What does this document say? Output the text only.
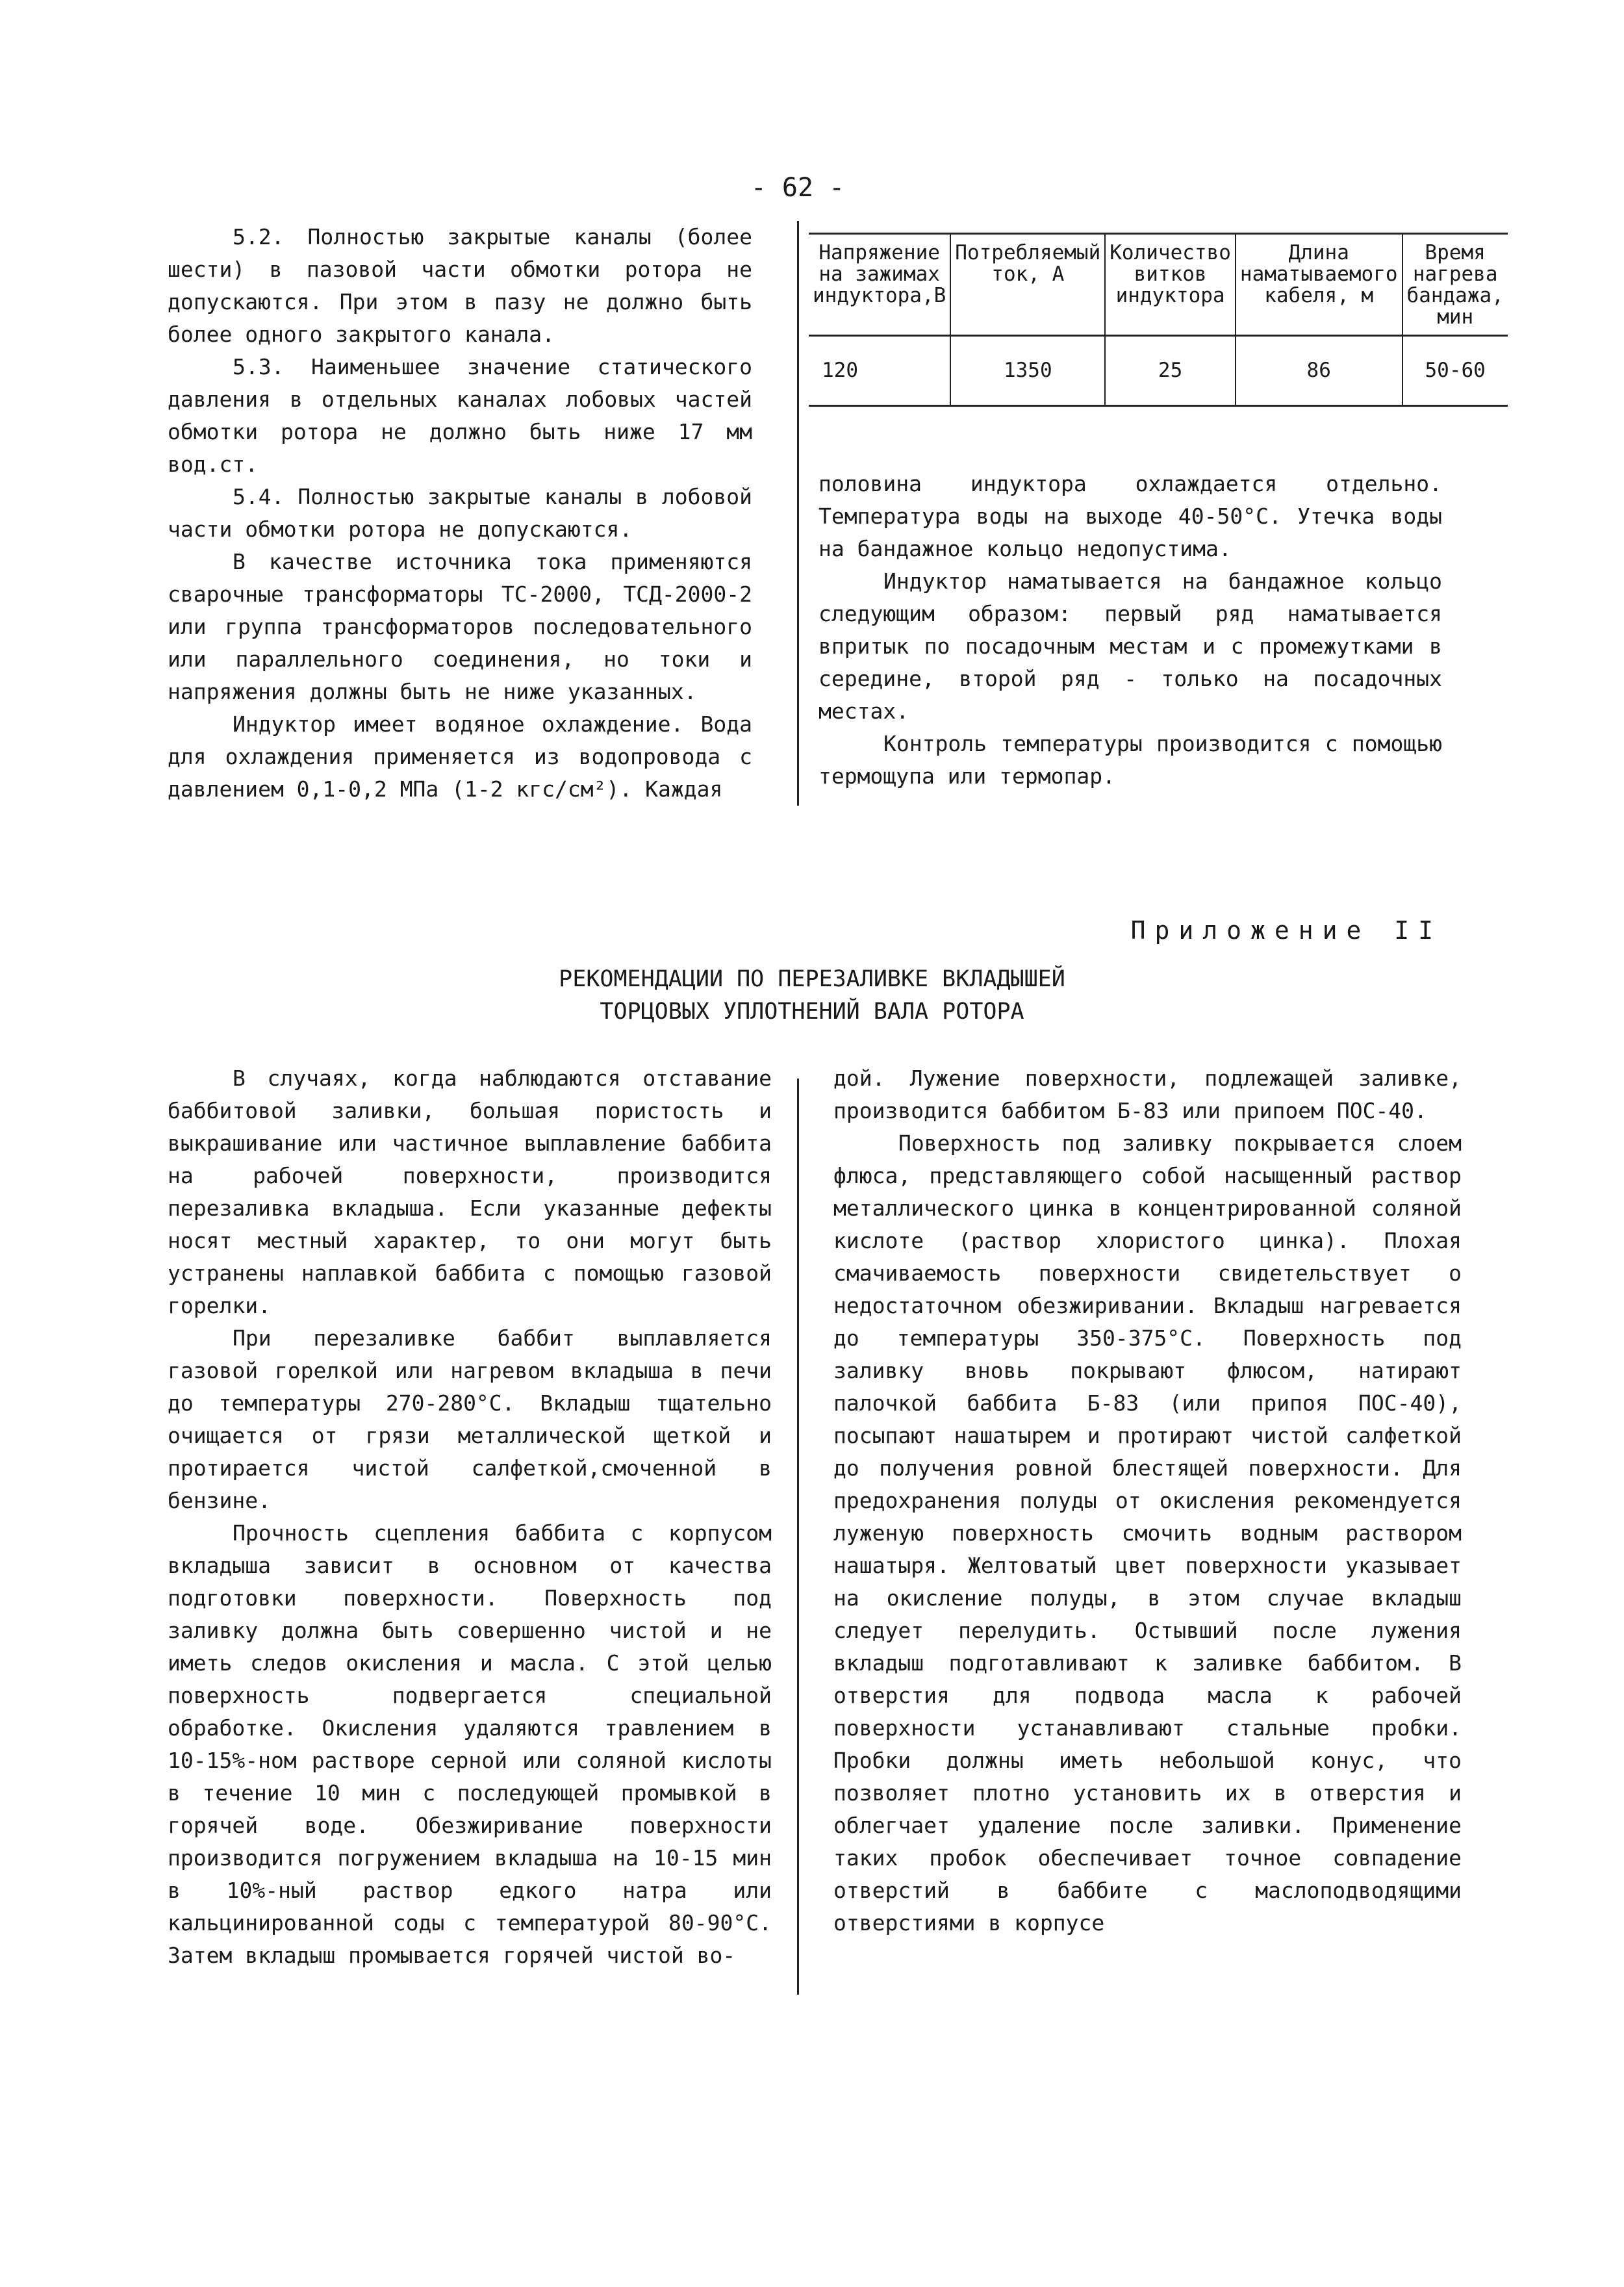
- 62 -

5.2. Полностью закрытые каналы (более шести) в пазовой части обмотки ротора не допускаются. При этом в пазу не должно быть более одного закрытого канала.

5.3. Наименьшее значение статического давления в отдельных каналах лобовых частей обмотки ротора не должно быть ниже 17 мм вод.ст.

5.4. Полностью закрытые каналы в лобовой части обмотки ротора не допускаются.

В качестве источника тока применяются сварочные трансформаторы ТС-2000, ТСД-2000-2 или группа трансформаторов последовательного или параллельного соединения, но токи и напряжения должны быть не ниже указанных.

Индуктор имеет водяное охлаждение. Вода для охлаждения применяется из водопровода с давлением 0,1-0,2 МПа (1-2 кгс/см²). Каждая

Напряжение на зажимах индуктора,В	Потребляемый ток, А	Количество витков индуктора	Длина наматываемого кабеля, м	Время нагрева бандажа, мин
120	1350	25	86	50-60

половина индуктора охлаждается отдельно. Температура воды на выходе 40-50°С. Утечка воды на бандажное кольцо недопустима.

Индуктор наматывается на бандажное кольцо следующим образом: первый ряд наматывается впритык по посадочным местам и с промежутками в середине, второй ряд - только на посадочных местах.

Контроль температуры производится с помощью термощупа или термопар.

Приложение II
РЕКОМЕНДАЦИИ ПО ПЕРЕЗАЛИВКЕ ВКЛАДЫШЕЙ
ТОРЦОВЫХ УПЛОТНЕНИЙ ВАЛА РОТОРА

В случаях, когда наблюдаются отставание баббитовой заливки, большая пористость и выкрашивание или частичное выплавление баббита на рабочей поверхности, производится перезаливка вкладыша. Если указанные дефекты носят местный характер, то они могут быть устранены наплавкой баббита с помощью газовой горелки.

При перезаливке баббит выплавляется газовой горелкой или нагревом вкладыша в печи до температуры 270-280°С. Вкладыш тщательно очищается от грязи металлической щеткой и протирается чистой салфеткой,смоченной в бензине.

Прочность сцепления баббита с корпусом вкладыша зависит в основном от качества подготовки поверхности. Поверхность под заливку должна быть совершенно чистой и не иметь следов окисления и масла. С этой целью поверхность подвергается специальной обработке. Окисления удаляются травлением в 10-15%-ном растворе серной или соляной кислоты в течение 10 мин с последующей промывкой в горячей воде. Обезжиривание поверхности производится погружением вкладыша на 10-15 мин в 10%-ный раствор едкого натра или кальцинированной соды с температурой 80-90°С. Затем вкладыш промывается горячей чистой во-

дой. Лужение поверхности, подлежащей заливке, производится баббитом Б-83 или припоем ПОС-40.

Поверхность под заливку покрывается слоем флюса, представляющего собой насыщенный раствор металлического цинка в концентрированной соляной кислоте (раствор хлористого цинка). Плохая смачиваемость поверхности свидетельствует о недостаточном обезжиривании. Вкладыш нагревается до температуры 350-375°С. Поверхность под заливку вновь покрывают флюсом, натирают палочкой баббита Б-83 (или припоя ПОС-40), посыпают нашатырем и протирают чистой салфеткой до получения ровной блестящей поверхности. Для предохранения полуды от окисления рекомендуется луженую поверхность смочить водным раствором нашатыря. Желтоватый цвет поверхности указывает на окисление полуды, в этом случае вкладыш следует перелудить. Остывший после лужения вкладыш подготавливают к заливке баббитом. В отверстия для подвода масла к рабочей поверхности устанавливают стальные пробки. Пробки должны иметь небольшой конус, что позволяет плотно установить их в отверстия и облегчает удаление после заливки. Применение таких пробок обеспечивает точное совпадение отверстий в баббите с маслоподводящими отверстиями в корпусе
